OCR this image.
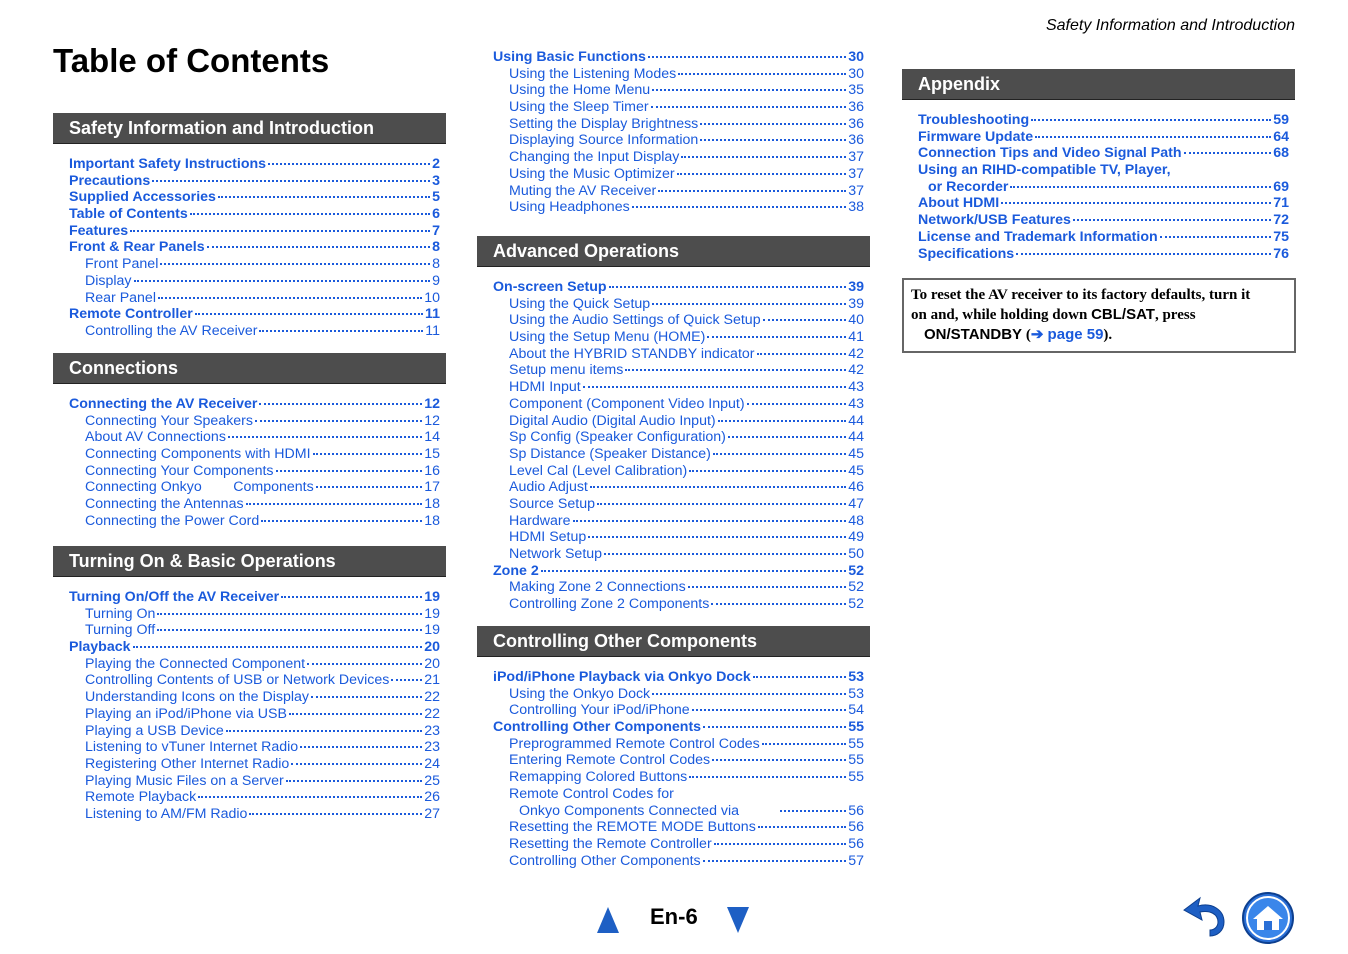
Safety Information and Introduction
Table of Contents
Safety Information and Introduction
Important Safety Instructions	2
Precautions	3
Supplied Accessories	5
Table of Contents	6
Features	7
Front & Rear Panels	8
Front Panel	8
Display	9
Rear Panel	10
Remote Controller	11
Controlling the AV Receiver	11
Connections
Connecting the AV Receiver	12
Connecting Your Speakers	12
About AV Connections	14
Connecting Components with HDMI	15
Connecting Your Components	16
Connecting Onkyo        Components	17
Connecting the Antennas	18
Connecting the Power Cord	18
Turning On & Basic Operations
Turning On/Off the AV Receiver	19
Turning On	19
Turning Off	19
Playback	20
Playing the Connected Component	20
Controlling Contents of USB or Network Devices 21
Understanding Icons on the Display	22
Playing an iPod/iPhone via USB	22
Playing a USB Device	23
Listening to vTuner Internet Radio	23
Registering Other Internet Radio	24
Playing Music Files on a Server	25
Remote Playback	26
Listening to AM/FM Radio	27
Using Basic Functions	30
Using the Listening Modes	30
Using the Home Menu	35
Using the Sleep Timer	36
Setting the Display Brightness	36
Displaying Source Information	36
Changing the Input Display	37
Using the Music Optimizer	37
Muting the AV Receiver	37
Using Headphones	38
Advanced Operations
On-screen Setup	39
Using the Quick Setup	39
Using the Audio Settings of Quick Setup	40
Using the Setup Menu (HOME)	41
About the HYBRID STANDBY indicator	42
Setup menu items	42
HDMI Input	43
Component (Component Video Input)	43
Digital Audio (Digital Audio Input)	44
Sp Config (Speaker Configuration)	44
Sp Distance (Speaker Distance)	45
Level Cal (Level Calibration)	45
Audio Adjust	46
Source Setup	47
Hardware	48
HDMI Setup	49
Network Setup	50
Zone 2	52
Making Zone 2 Connections	52
Controlling Zone 2 Components	52
Controlling Other Components
iPod/iPhone Playback via Onkyo Dock	53
Using the Onkyo Dock	53
Controlling Your iPod/iPhone	54
Controlling Other Components	55
Preprogrammed Remote Control Codes	55
Entering Remote Control Codes	55
Remapping Colored Buttons	55
Remote Control Codes for
Onkyo Components Connected via	56
Resetting the REMOTE MODE Buttons	56
Resetting the Remote Controller	56
Controlling Other Components	57
Appendix
Troubleshooting	59
Firmware Update	64
Connection Tips and Video Signal Path	68
Using an RIHD-compatible TV, Player,
or Recorder	69
About HDMI	71
Network/USB Features	72
License and Trademark Information	75
Specifications	76
To reset the AV receiver to its factory defaults, turn it
on and, while holding down CBL/SAT, press
ON/STANDBY (➔ page 59).
En-6
